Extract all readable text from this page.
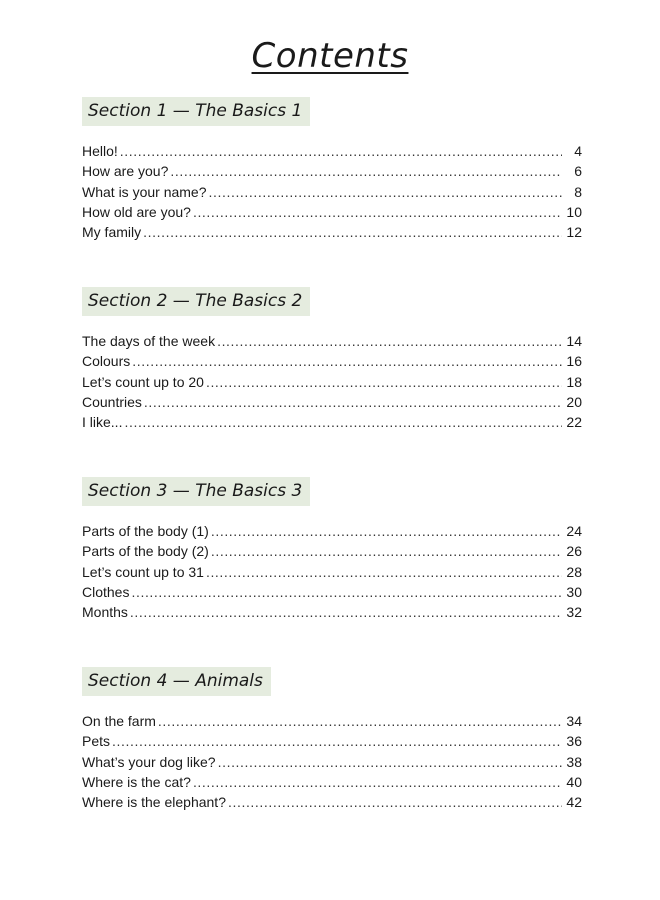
Contents
Section 1 — The Basics 1
Hello! .....	4
How are you? .....	6
What is your name? .....	8
How old are you? .....	10
My family .....	12
Section 2 — The Basics 2
The days of the week .....	14
Colours .....	16
Let’s count up to 20 .....	18
Countries .....	20
I like... .....	22
Section 3 — The Basics 3
Parts of the body (1) .....	24
Parts of the body (2) .....	26
Let’s count up to 31 .....	28
Clothes .....	30
Months .....	32
Section 4 — Animals
On the farm .....	34
Pets .....	36
What’s your dog like? .....	38
Where is the cat? .....	40
Where is the elephant? .....	42
